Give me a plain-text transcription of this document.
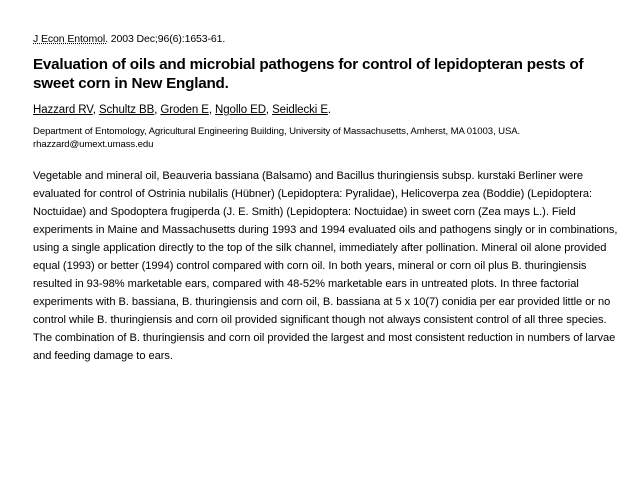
J Econ Entomol. 2003 Dec;96(6):1653-61.
Evaluation of oils and microbial pathogens for control of lepidopteran pests of sweet corn in New England.
Hazzard RV, Schultz BB, Groden E, Ngollo ED, Seidlecki E.
Department of Entomology, Agricultural Engineering Building, University of Massachusetts, Amherst, MA 01003, USA.
rhazzard@umext.umass.edu
Vegetable and mineral oil, Beauveria bassiana (Balsamo) and Bacillus thuringiensis subsp. kurstaki Berliner were evaluated for control of Ostrinia nubilalis (Hübner) (Lepidoptera: Pyralidae), Helicoverpa zea (Boddie) (Lepidoptera: Noctuidae) and Spodoptera frugiperda (J. E. Smith) (Lepidoptera: Noctuidae) in sweet corn (Zea mays L.). Field experiments in Maine and Massachusetts during 1993 and 1994 evaluated oils and pathogens singly or in combinations, using a single application directly to the top of the silk channel, immediately after pollination. Mineral oil alone provided equal (1993) or better (1994) control compared with corn oil. In both years, mineral or corn oil plus B. thuringiensis resulted in 93-98% marketable ears, compared with 48-52% marketable ears in untreated plots. In three factorial experiments with B. bassiana, B. thuringiensis and corn oil, B. bassiana at 5 x 10(7) conidia per ear provided little or no control while B. thuringiensis and corn oil provided significant though not always consistent control of all three species. The combination of B. thuringiensis and corn oil provided the largest and most consistent reduction in numbers of larvae and feeding damage to ears.
